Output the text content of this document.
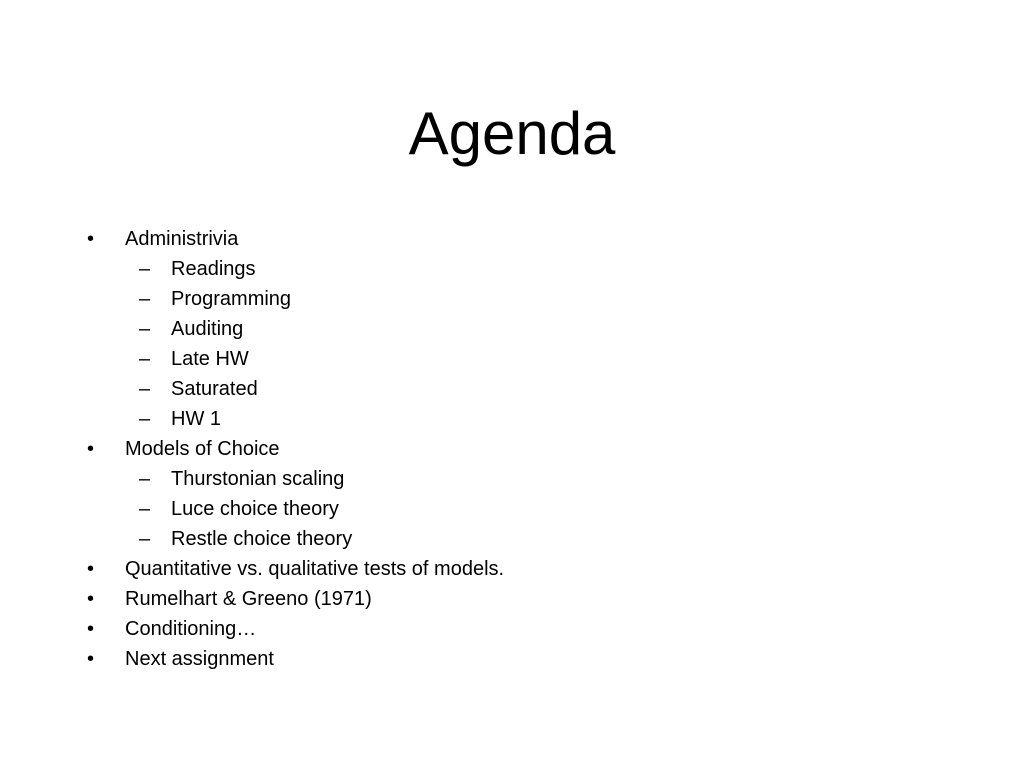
Agenda
• Administrivia
– Readings
– Programming
– Auditing
– Late HW
– Saturated
– HW 1
• Models of Choice
– Thurstonian scaling
– Luce choice theory
– Restle choice theory
• Quantitative vs. qualitative tests of models.
• Rumelhart & Greeno (1971)
• Conditioning…
• Next assignment
